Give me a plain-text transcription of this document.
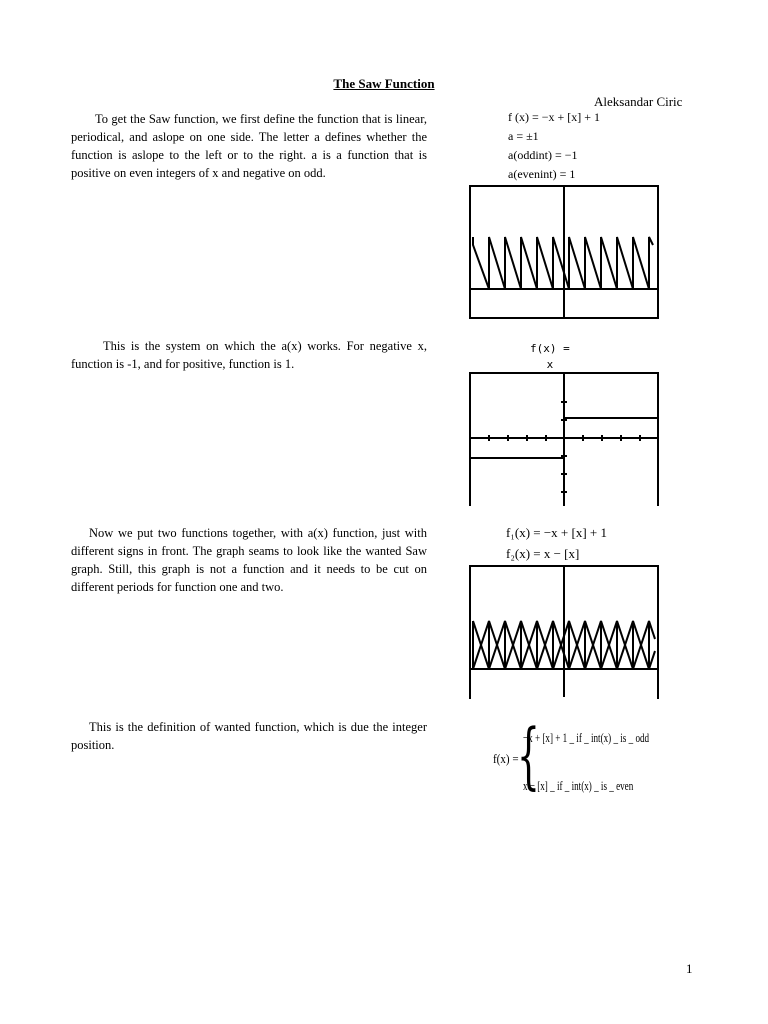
The Saw Function
Aleksandar Ciric
To get the Saw function, we first define the function that is linear, periodical, and aslope on one side. The letter a defines whether the function is aslope to the left or to the right. a is a function that is positive on even integers of x and negative on odd.
f (x) = −x + [x] + 1
a = ±1
a(oddint) = −1
a(evenint) = 1
This is the system on which the a(x) works. For negative x, function is -1, and for positive, function is 1.
f(x) =
x
Now we put two functions together, with a(x) function, just with different signs in front. The graph seams to look like the wanted Saw graph. Still, this graph is not a function and it needs to be cut on different periods for function one and two.
f₁(x) = −x + [x] + 1
f₂(x) = x − [x]
This is the definition of wanted function, which is due the integer position.
f(x) =
{
−x + [x] + 1 _ if _ int(x) _ is _ odd
x − [x] _ if _ int(x) _ is _ even
1
